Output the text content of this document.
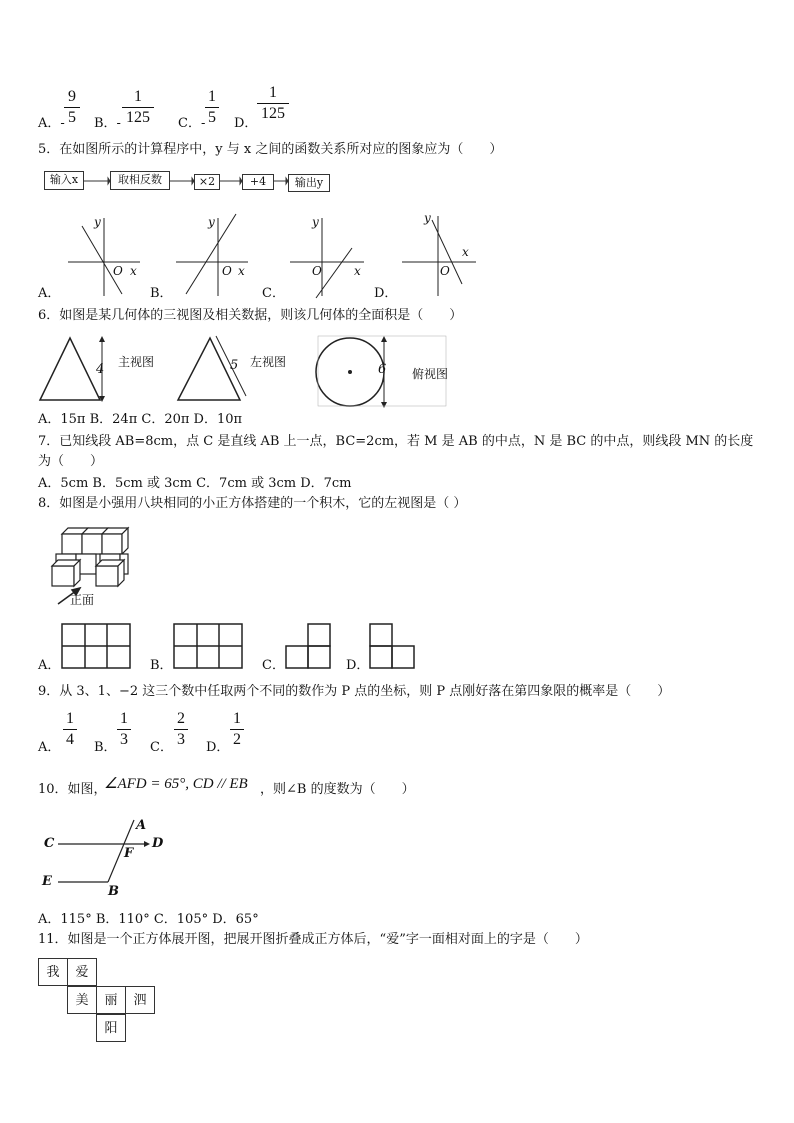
A．-
9
5	B．-
1
125	C．-
1
5 D．
1
125
5．在如图所示的计算程序中，y 与 x 之间的函数关系所对应的图象应为（　　）
输入x	取相反数	×2	+4	输出y
y
O x
y
O x
y
O	x
y
O
x
A．	B．	C．	D．
6．如图是某几何体的三视图及相关数据，则该几何体的全面积是（　　）
4 主视图	5 左视图	6 俯视图
A．15π B．24π C．20π D．10π
7．已知线段 AB=8cm，点 C 是直线 AB 上一点，BC=2cm，若 M 是 AB 的中点，N 是 BC 的中点，则线段 MN 的长度
为（　　）
A．5cm B．5cm 或 3cm C．7cm 或 3cm D．7cm
8．如图是小强用八块相同的小正方体搭建的一个积木，它的左视图是（ ）
正面
A．	B．	C．	D．
9．从 3、1、−2 这三个数中任取两个不同的数作为 P 点的坐标，则 P 点刚好落在第四象限的概率是（　　）
A．
1
4 B．
1
3 C．
2
3 D．
1
2
10．如图，
∠AFD = 65°, CD // EB ，则∠B 的度数为（　　）
C	D
A
F
E
B
A．115° B．110° C．105° D．65°
11．如图是一个正方体展开图，把展开图折叠成正方体后，“爱”字一面相对面上的字是（　　）
我	爱
美	丽	泗
阳
